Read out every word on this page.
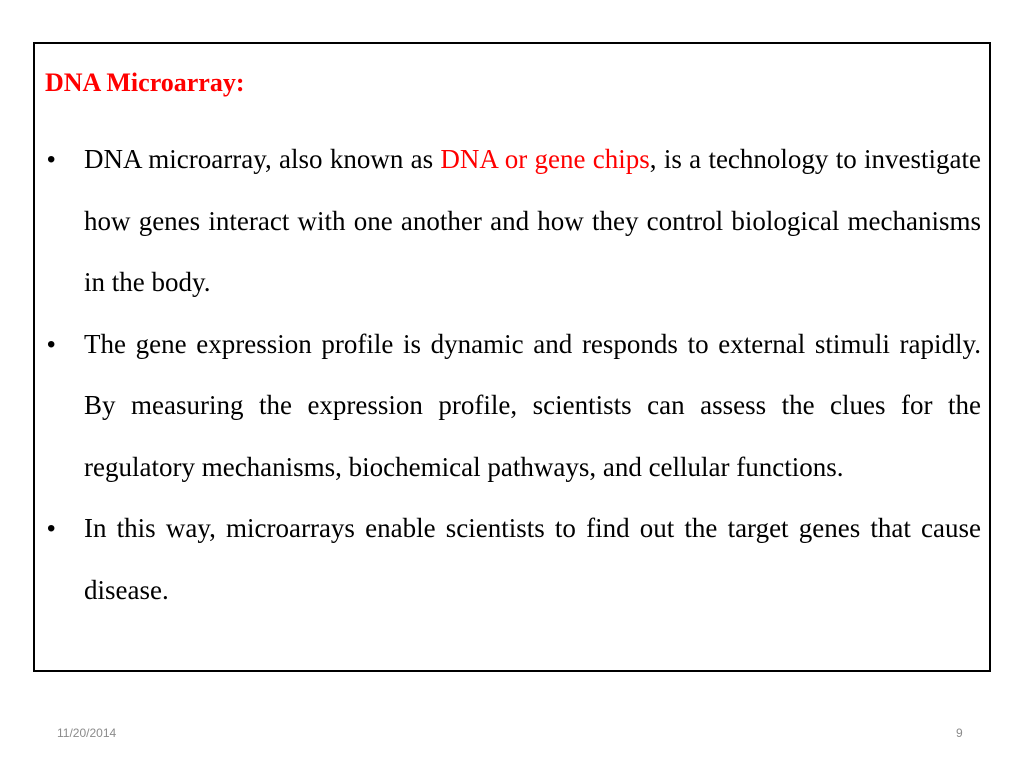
DNA Microarray:
• DNA microarray, also known as DNA or gene chips, is a technology to investigate how genes interact with one another and how they control biological mechanisms in the body.
• The gene expression profile is dynamic and responds to external stimuli rapidly. By measuring the expression profile, scientists can assess the clues for the regulatory mechanisms, biochemical pathways, and cellular functions.
• In this way, microarrays enable scientists to find out the target genes that cause disease.
11/20/2014	9
